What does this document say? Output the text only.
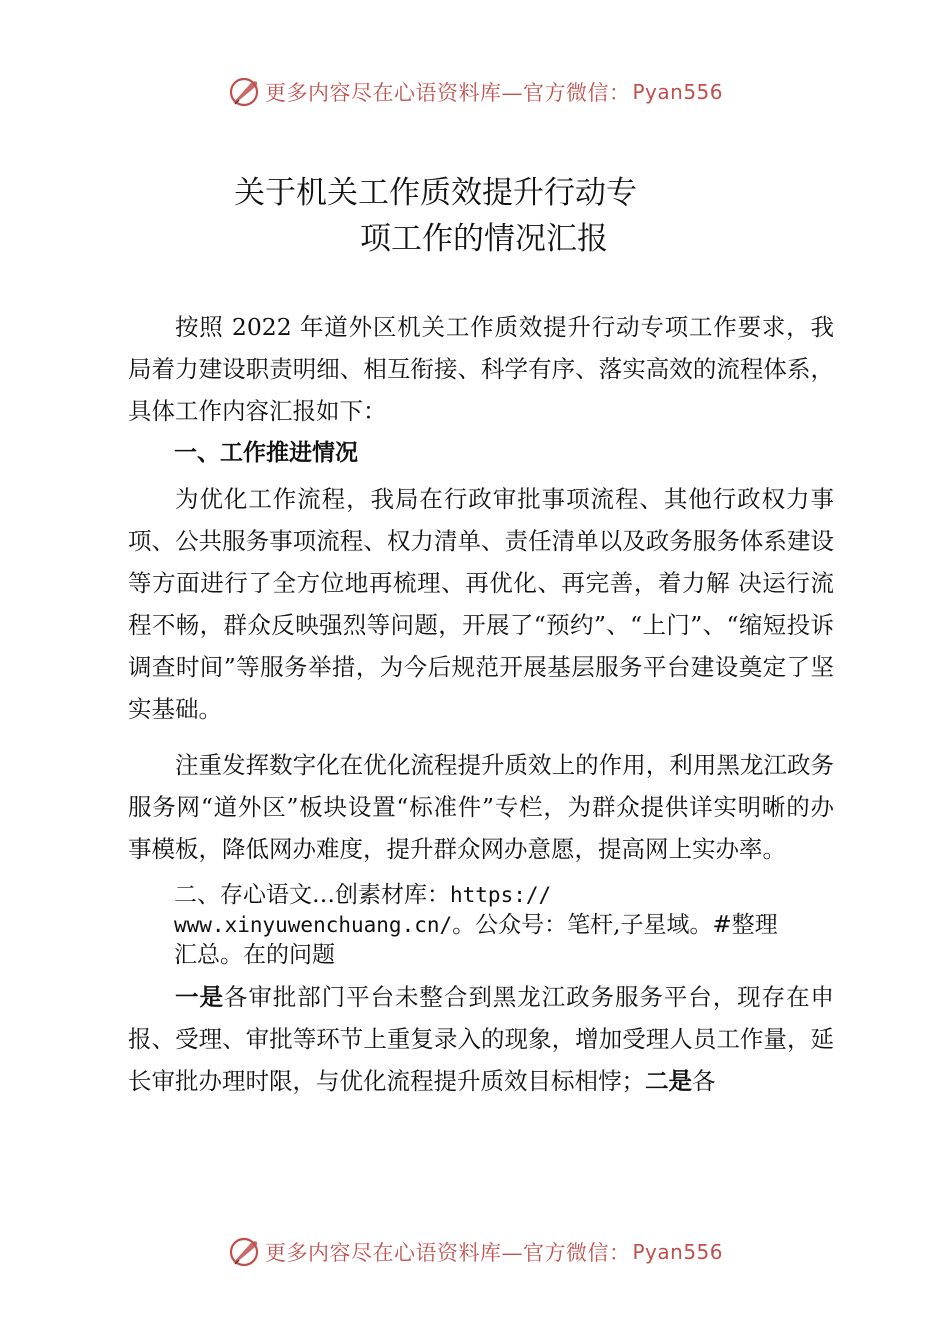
更多内容尽在心语资料库—官方微信： Pyan556
关于机关工作质效提升行动专
项工作的情况汇报

按照 2022 年道外区机关工作质效提升行动专项工作要求，我局着力建设职责明细、相互衔接、科学有序、落实高效的流程体系，具体工作内容汇报如下：

一、工作推进情况

为优化工作流程，我局在行政审批事项流程、其他行政权力事项、公共服务事项流程、权力清单、责任清单以及政务服务体系建设等方面进行了全方位地再梳理、再优化、再完善，着力解 决运行流程不畅，群众反映强烈等问题，开展了“预约”、“上门”、“缩短投诉调查时间”等服务举措，为今后规范开展基层服务平台建设奠定了坚实基础。

注重发挥数字化在优化流程提升质效上的作用，利用黑龙江政务服务网“道外区”板块设置“标准件”专栏，为群众提供详实明晰的办事模板，降低网办难度，提升群众网办意愿，提高网上实办率。

二、存心语文…创素材库：https://
www.xinyuwenchuang.cn/。公众号：笔杆,子星域。#整理
汇总。在的问题

一是各审批部门平台未整合到黑龙江政务服务平台，现存在申报、受理、审批等环节上重复录入的现象，增加受理人员工作量，延长审批办理时限，与优化流程提升质效目标相悖；二是各

更多内容尽在心语资料库—官方微信： Pyan556
